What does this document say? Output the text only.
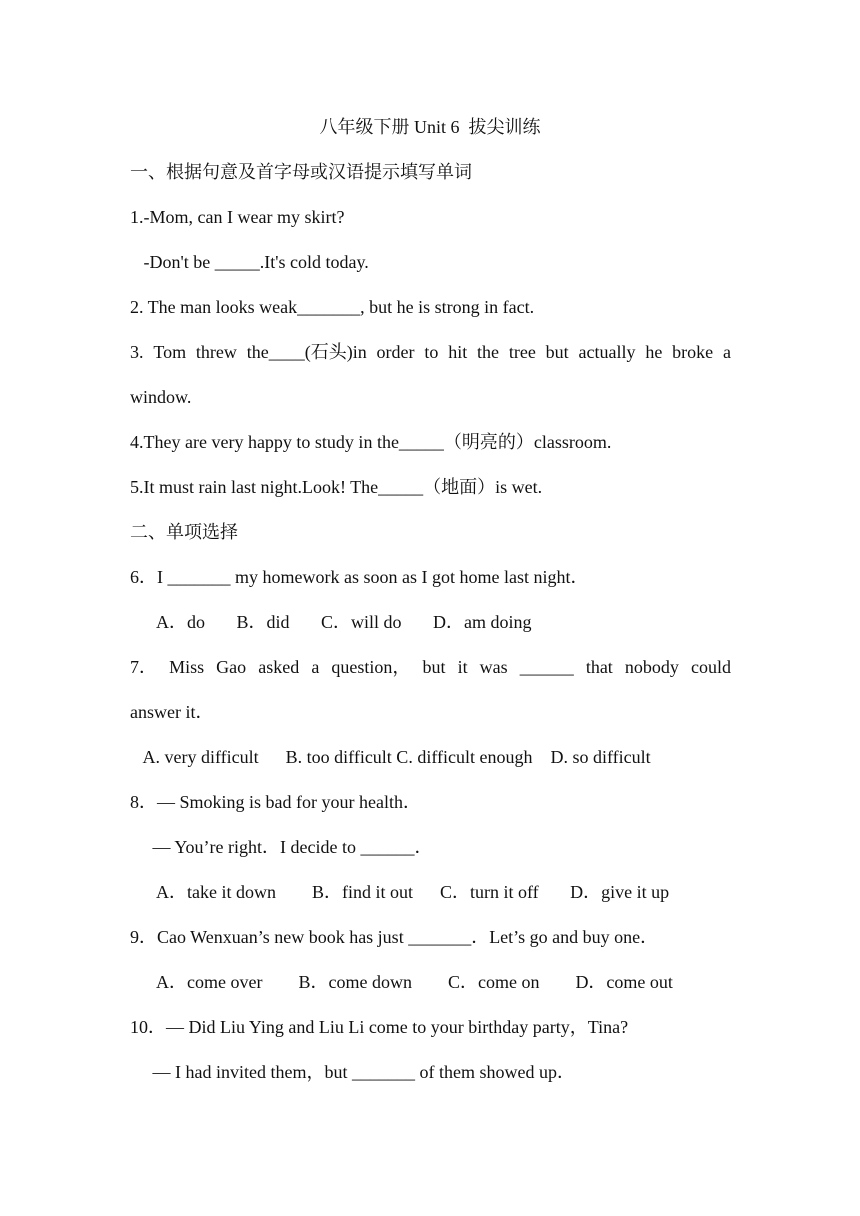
八年级下册 Unit 6  拔尖训练
一、根据句意及首字母或汉语提示填写单词
1.-Mom, can I wear my skirt?
-Don't be _____.It's cold today.
2. The man looks weak_______, but he is strong in fact.
3. Tom threw the____(石头)in order to hit the tree but actually he broke a
window.
4.They are very happy to study in the_____（明亮的）classroom.
5.It must rain last night.Look! The_____（地面）is wet.
二、单项选择
6．I _______ my homework as soon as I got home last night．
A．do       B．did       C．will do       D．am doing
7． Miss Gao asked a question， but it was ______ that nobody could
answer it．
A. very difficult      B. too difficult C. difficult enough    D. so difficult
8．— Smoking is bad for your health．
— You’re right．I decide to ______．
A．take it down        B．find it out      C．turn it off       D．give it up
9．Cao Wenxuan’s new book has just _______．Let’s go and buy one．
A．come over        B．come down        C．come on        D．come out
10．— Did Liu Ying and Liu Li come to your birthday party，Tina?
— I had invited them，but _______ of them showed up．
